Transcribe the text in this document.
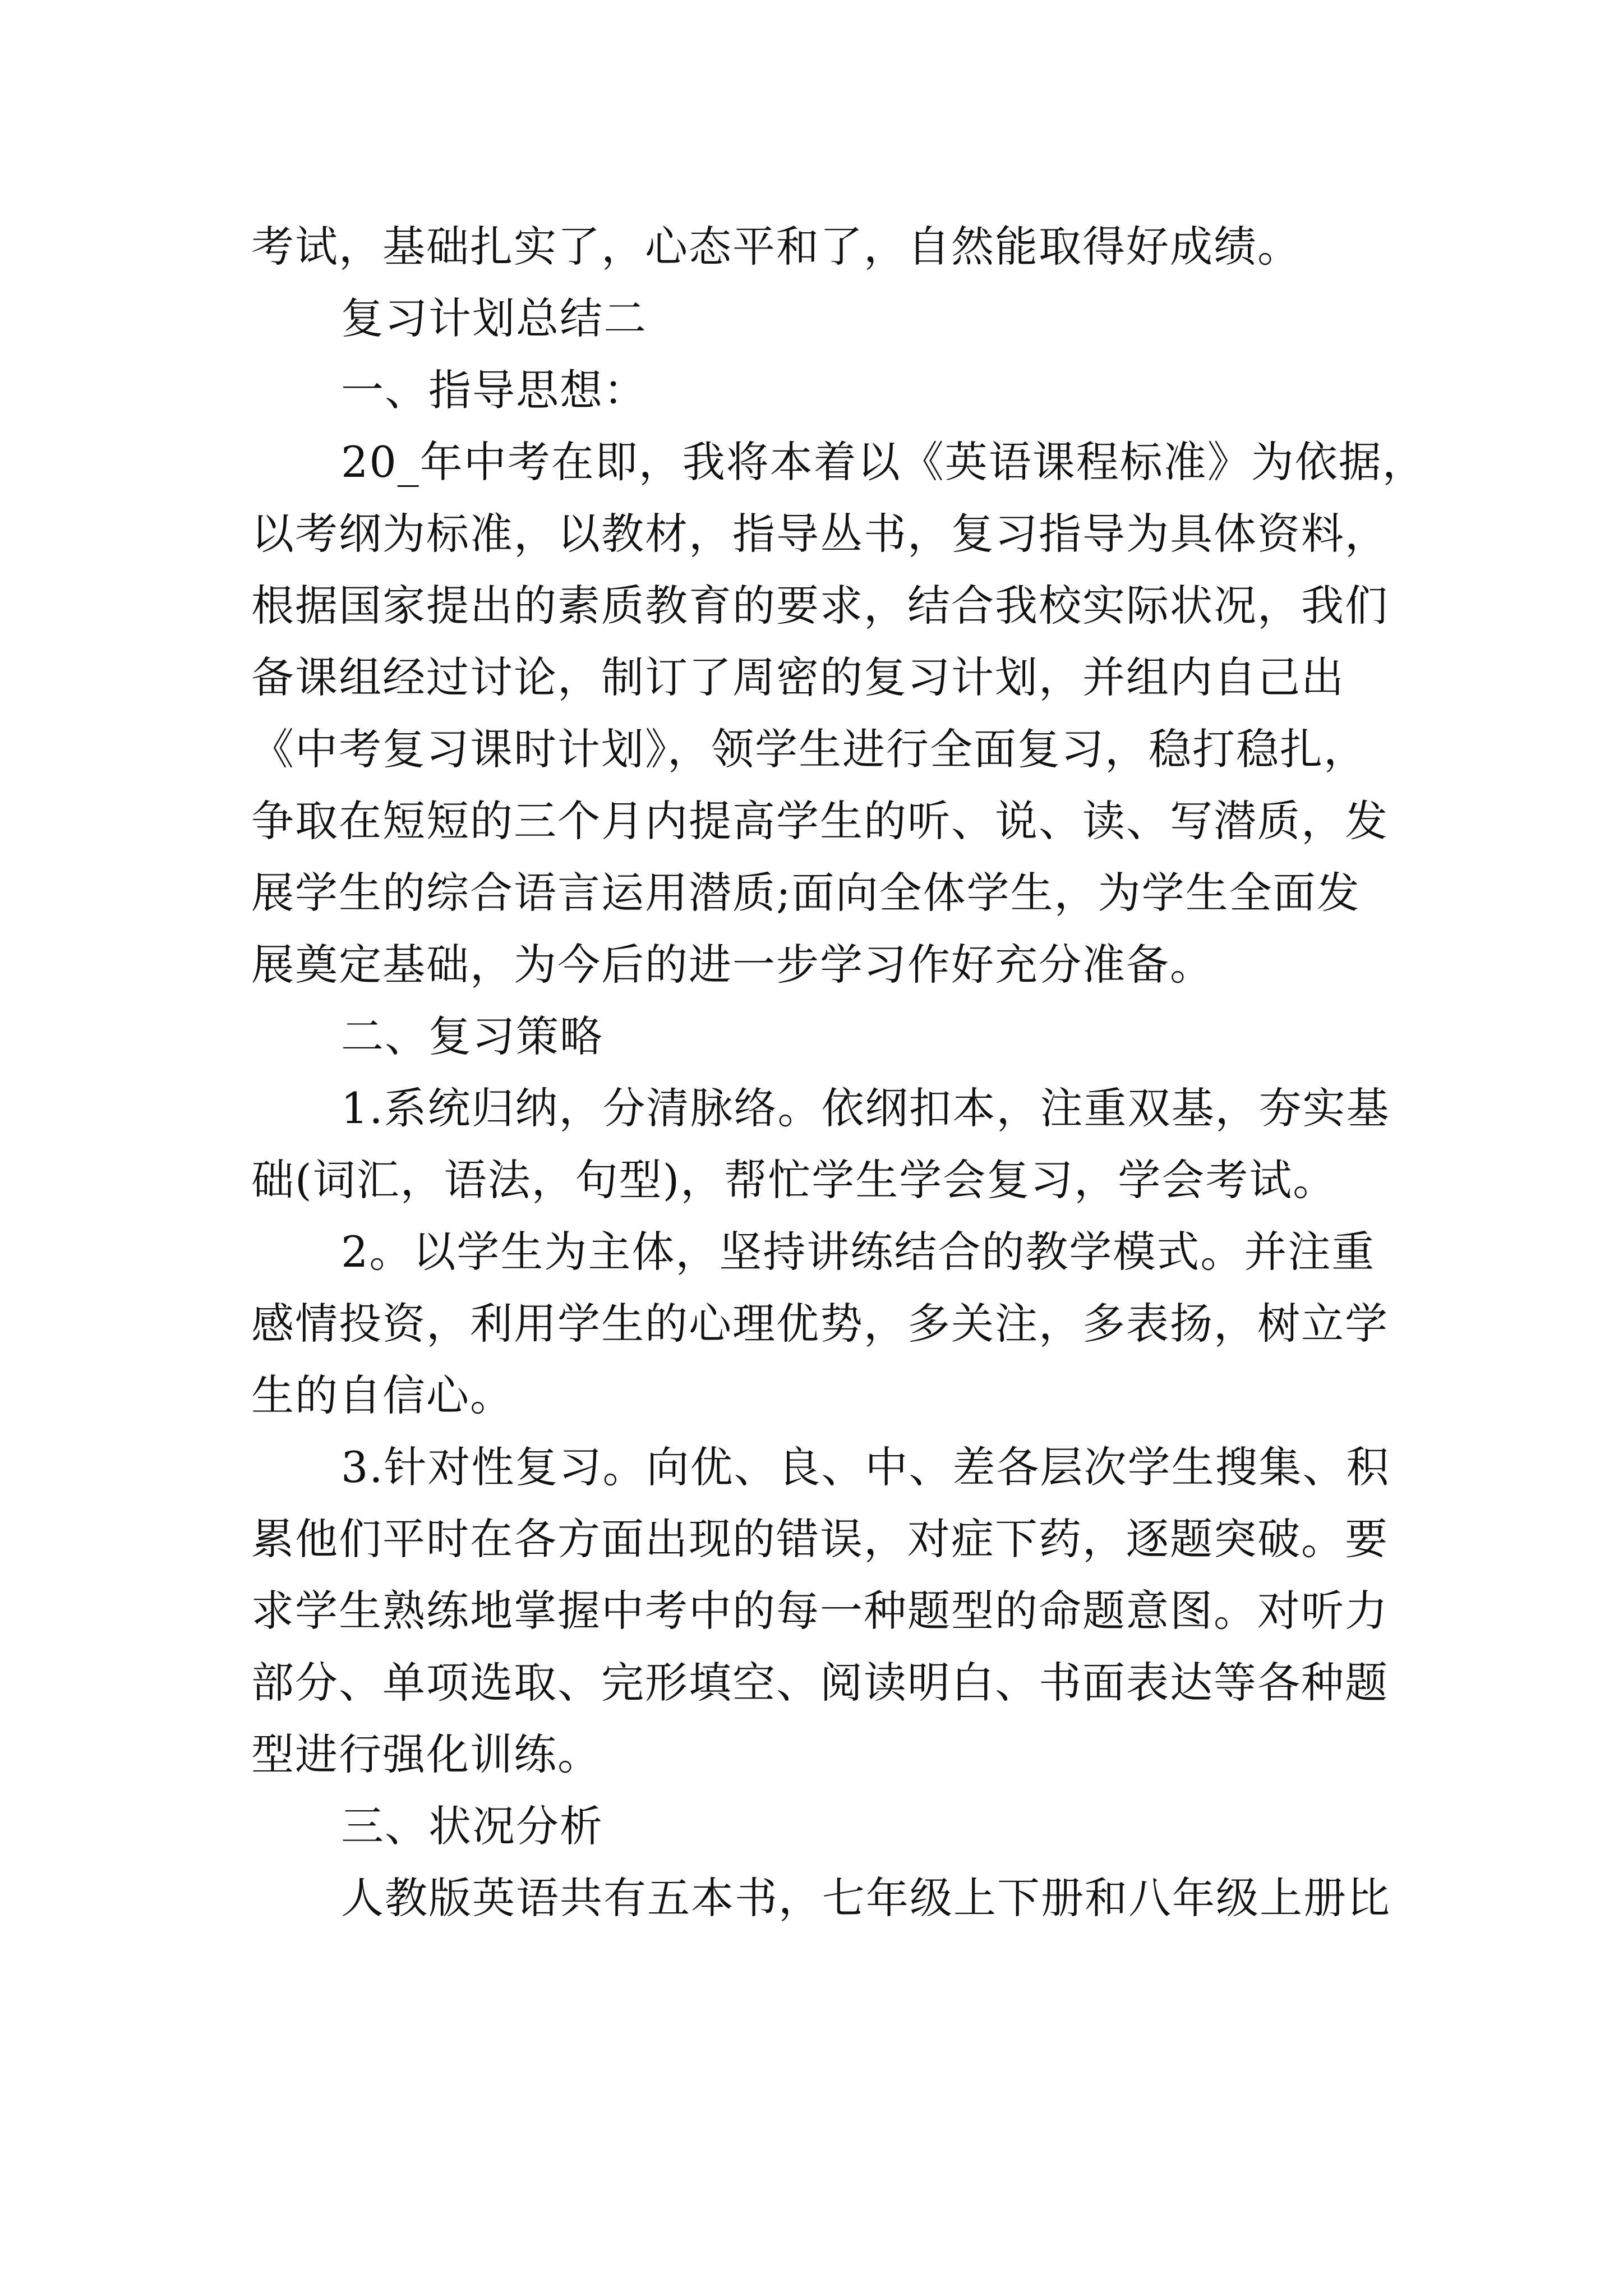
考试，基础扎实了，心态平和了，自然能取得好成绩。
复习计划总结二
一、指导思想：
20_年中考在即，我将本着以《英语课程标准》为依据，
以考纲为标准，以教材，指导丛书，复习指导为具体资料，
根据国家提出的素质教育的要求，结合我校实际状况，我们
备课组经过讨论，制订了周密的复习计划，并组内自己出
《中考复习课时计划》，领学生进行全面复习，稳打稳扎，
争取在短短的三个月内提高学生的听、说、读、写潜质，发
展学生的综合语言运用潜质;面向全体学生，为学生全面发
展奠定基础，为今后的进一步学习作好充分准备。
二、复习策略
1.系统归纳，分清脉络。依纲扣本，注重双基，夯实基
础(词汇，语法，句型)，帮忙学生学会复习，学会考试。
2。以学生为主体，坚持讲练结合的教学模式。并注重
感情投资，利用学生的心理优势，多关注，多表扬，树立学
生的自信心。
3.针对性复习。向优、良、中、差各层次学生搜集、积
累他们平时在各方面出现的错误，对症下药，逐题突破。要
求学生熟练地掌握中考中的每一种题型的命题意图。对听力
部分、单项选取、完形填空、阅读明白、书面表达等各种题
型进行强化训练。
三、状况分析
人教版英语共有五本书，七年级上下册和八年级上册比
